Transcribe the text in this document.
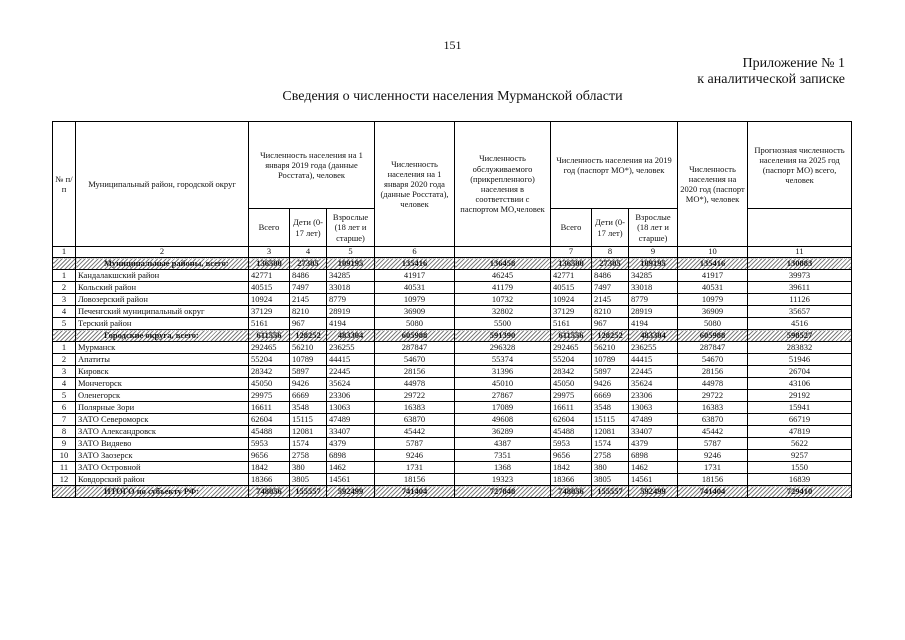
151
Приложение № 1
к аналитической записке
Сведения о численности населения Мурманской области
№ п/п	Муниципальный район, городской округ	Численность населения на 1 января 2019 года (данные Росстата), человек			Численность населения на 1 января 2020 года (данные Росстата), человек	Численность обслуживаемого (прикрепленного) населения в соответствии с паспортом МО,человек	Численность населения на 2019 год (паспорт МО*), человек			Численность населения на 2020 год (паспорт МО*), человек	Прогнозная численность населения на 2025 год (паспорт МО) всего, человек
		Всего	Дети (0-17 лет)	Взрослые (18 лет и старше)			Всего	Дети (0-17 лет)	Взрослые (18 лет и старше)		
1	2	3	4	5	6		7	8	9	10	11
	Муниципальные районы, всего:	136500	27305	109195	135416	136458	136500	27305	109195	135416	130883
1	Кандалакшский район	42771	8486	34285	41917	46245	42771	8486	34285	41917	39973
2	Кольский район	40515	7497	33018	40531	41179	40515	7497	33018	40531	39611
3	Ловозерский район	10924	2145	8779	10979	10732	10924	2145	8779	10979	11126
4	Печенгский муниципальный округ	37129	8210	28919	36909	32802	37129	8210	28919	36909	35657
5	Терский район	5161	967	4194	5080	5500	5161	967	4194	5080	4516
	Городские округа, всего:	611556	128252	483304	605988	591390	611556	128252	483304	605988	598527
1	Мурманск	292465	56210	236255	287847	296328	292465	56210	236255	287847	283832
2	Апатиты	55204	10789	44415	54670	55374	55204	10789	44415	54670	51946
3	Кировск	28342	5897	22445	28156	31396	28342	5897	22445	28156	26704
4	Мончегорск	45050	9426	35624	44978	45010	45050	9426	35624	44978	43106
5	Оленегорск	29975	6669	23306	29722	27867	29975	6669	23306	29722	29192
6	Полярные Зори	16611	3548	13063	16383	17089	16611	3548	13063	16383	15941
7	ЗАТО Североморск	62604	15115	47489	63870	49608	62604	15115	47489	63870	66719
8	ЗАТО Александровск	45488	12081	33407	45442	36289	45488	12081	33407	45442	47819
9	ЗАТО Видяево	5953	1574	4379	5787	4387	5953	1574	4379	5787	5622
10	ЗАТО Заозерск	9656	2758	6898	9246	7351	9656	2758	6898	9246	9257
11	ЗАТО Островной	1842	380	1462	1731	1368	1842	380	1462	1731	1550
12	Ковдорский район	18366	3805	14561	18156	19323	18366	3805	14561	18156	16839
	ИТОГО по субъекту РФ:	748056	155557	592499	741404	727848	748056	155557	592499	741404	729410
